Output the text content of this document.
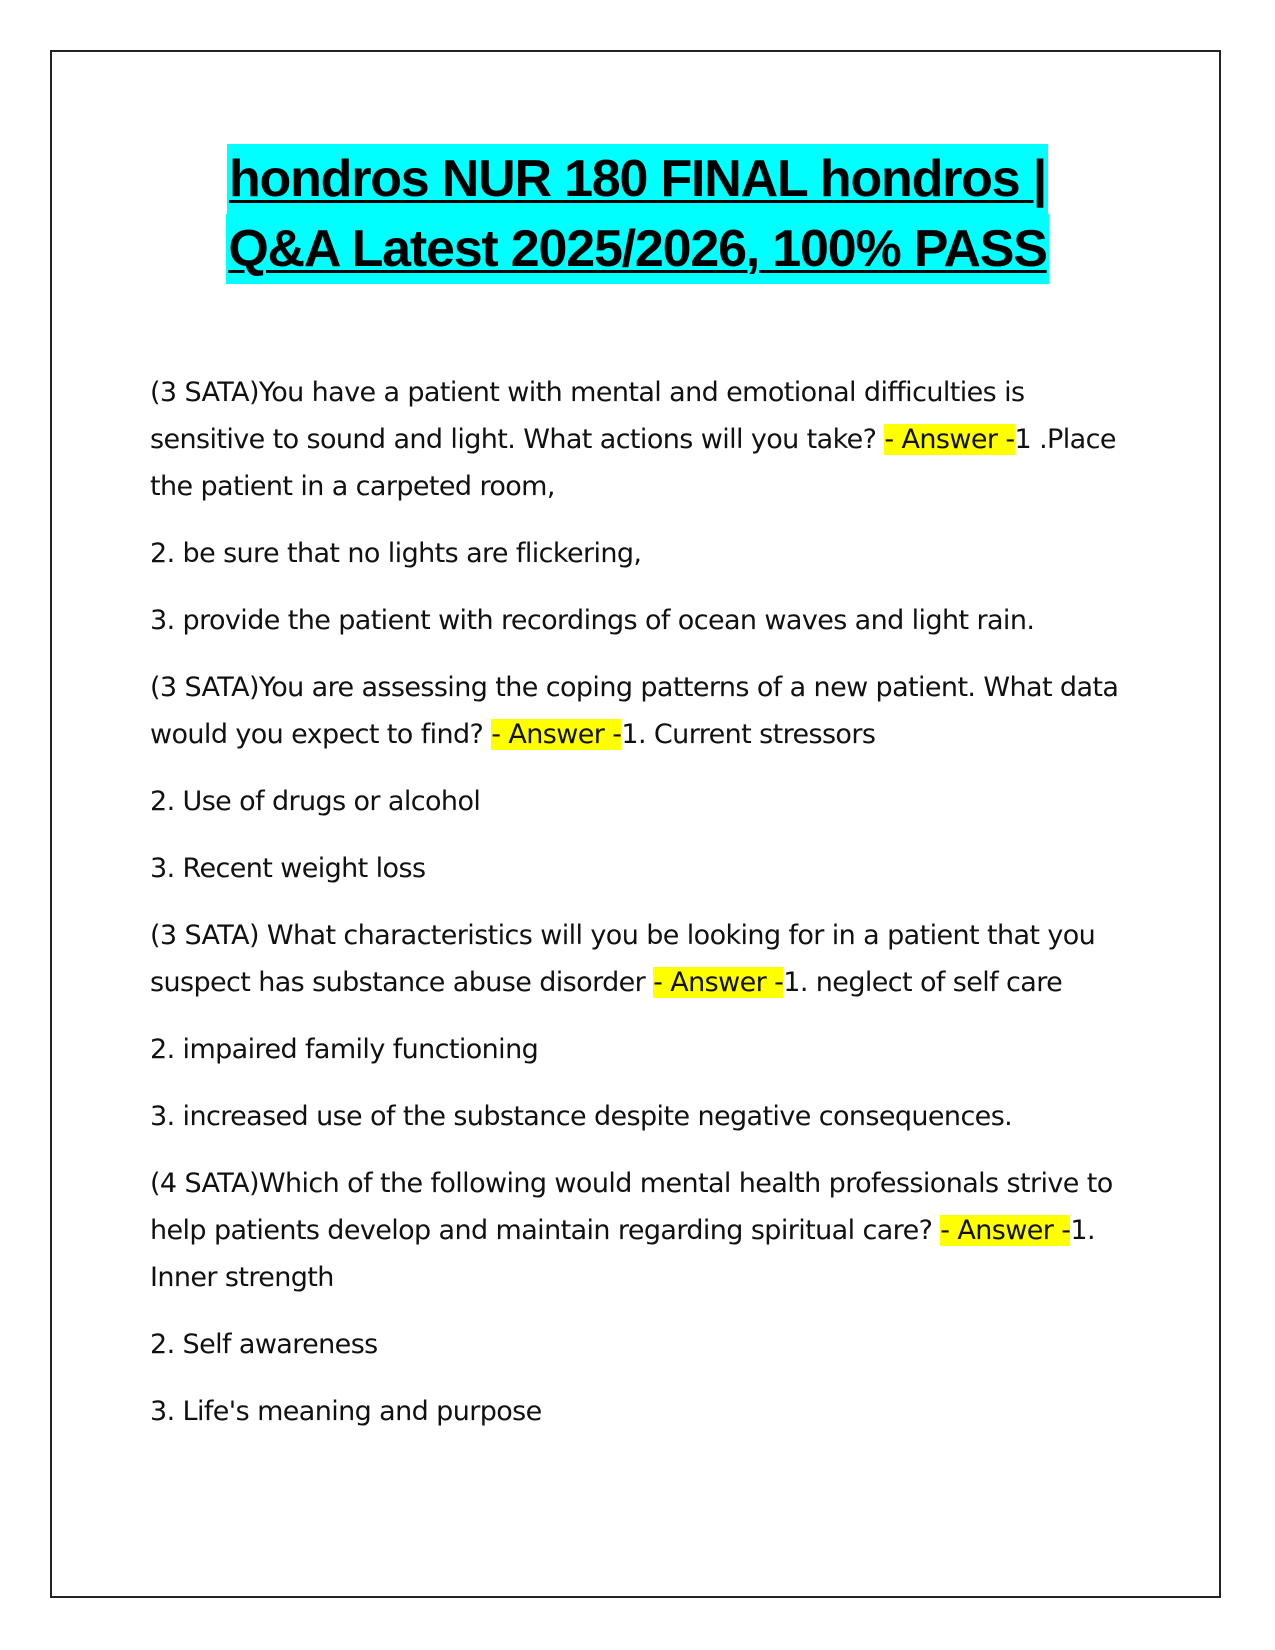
hondros NUR 180 FINAL hondros |
Q&A Latest 2025/2026, 100% PASS

(3 SATA)You have a patient with mental and emotional difficulties is sensitive to sound and light. What actions will you take? - Answer -1 .Place the patient in a carpeted room,

2. be sure that no lights are flickering,

3. provide the patient with recordings of ocean waves and light rain.

(3 SATA)You are assessing the coping patterns of a new patient. What data would you expect to find? - Answer -1. Current stressors

2. Use of drugs or alcohol

3. Recent weight loss

(3 SATA) What characteristics will you be looking for in a patient that you suspect has substance abuse disorder - Answer -1. neglect of self care

2. impaired family functioning

3. increased use of the substance despite negative consequences.

(4 SATA)Which of the following would mental health professionals strive to help patients develop and maintain regarding spiritual care? - Answer -1. Inner strength

2. Self awareness

3. Life's meaning and purpose
